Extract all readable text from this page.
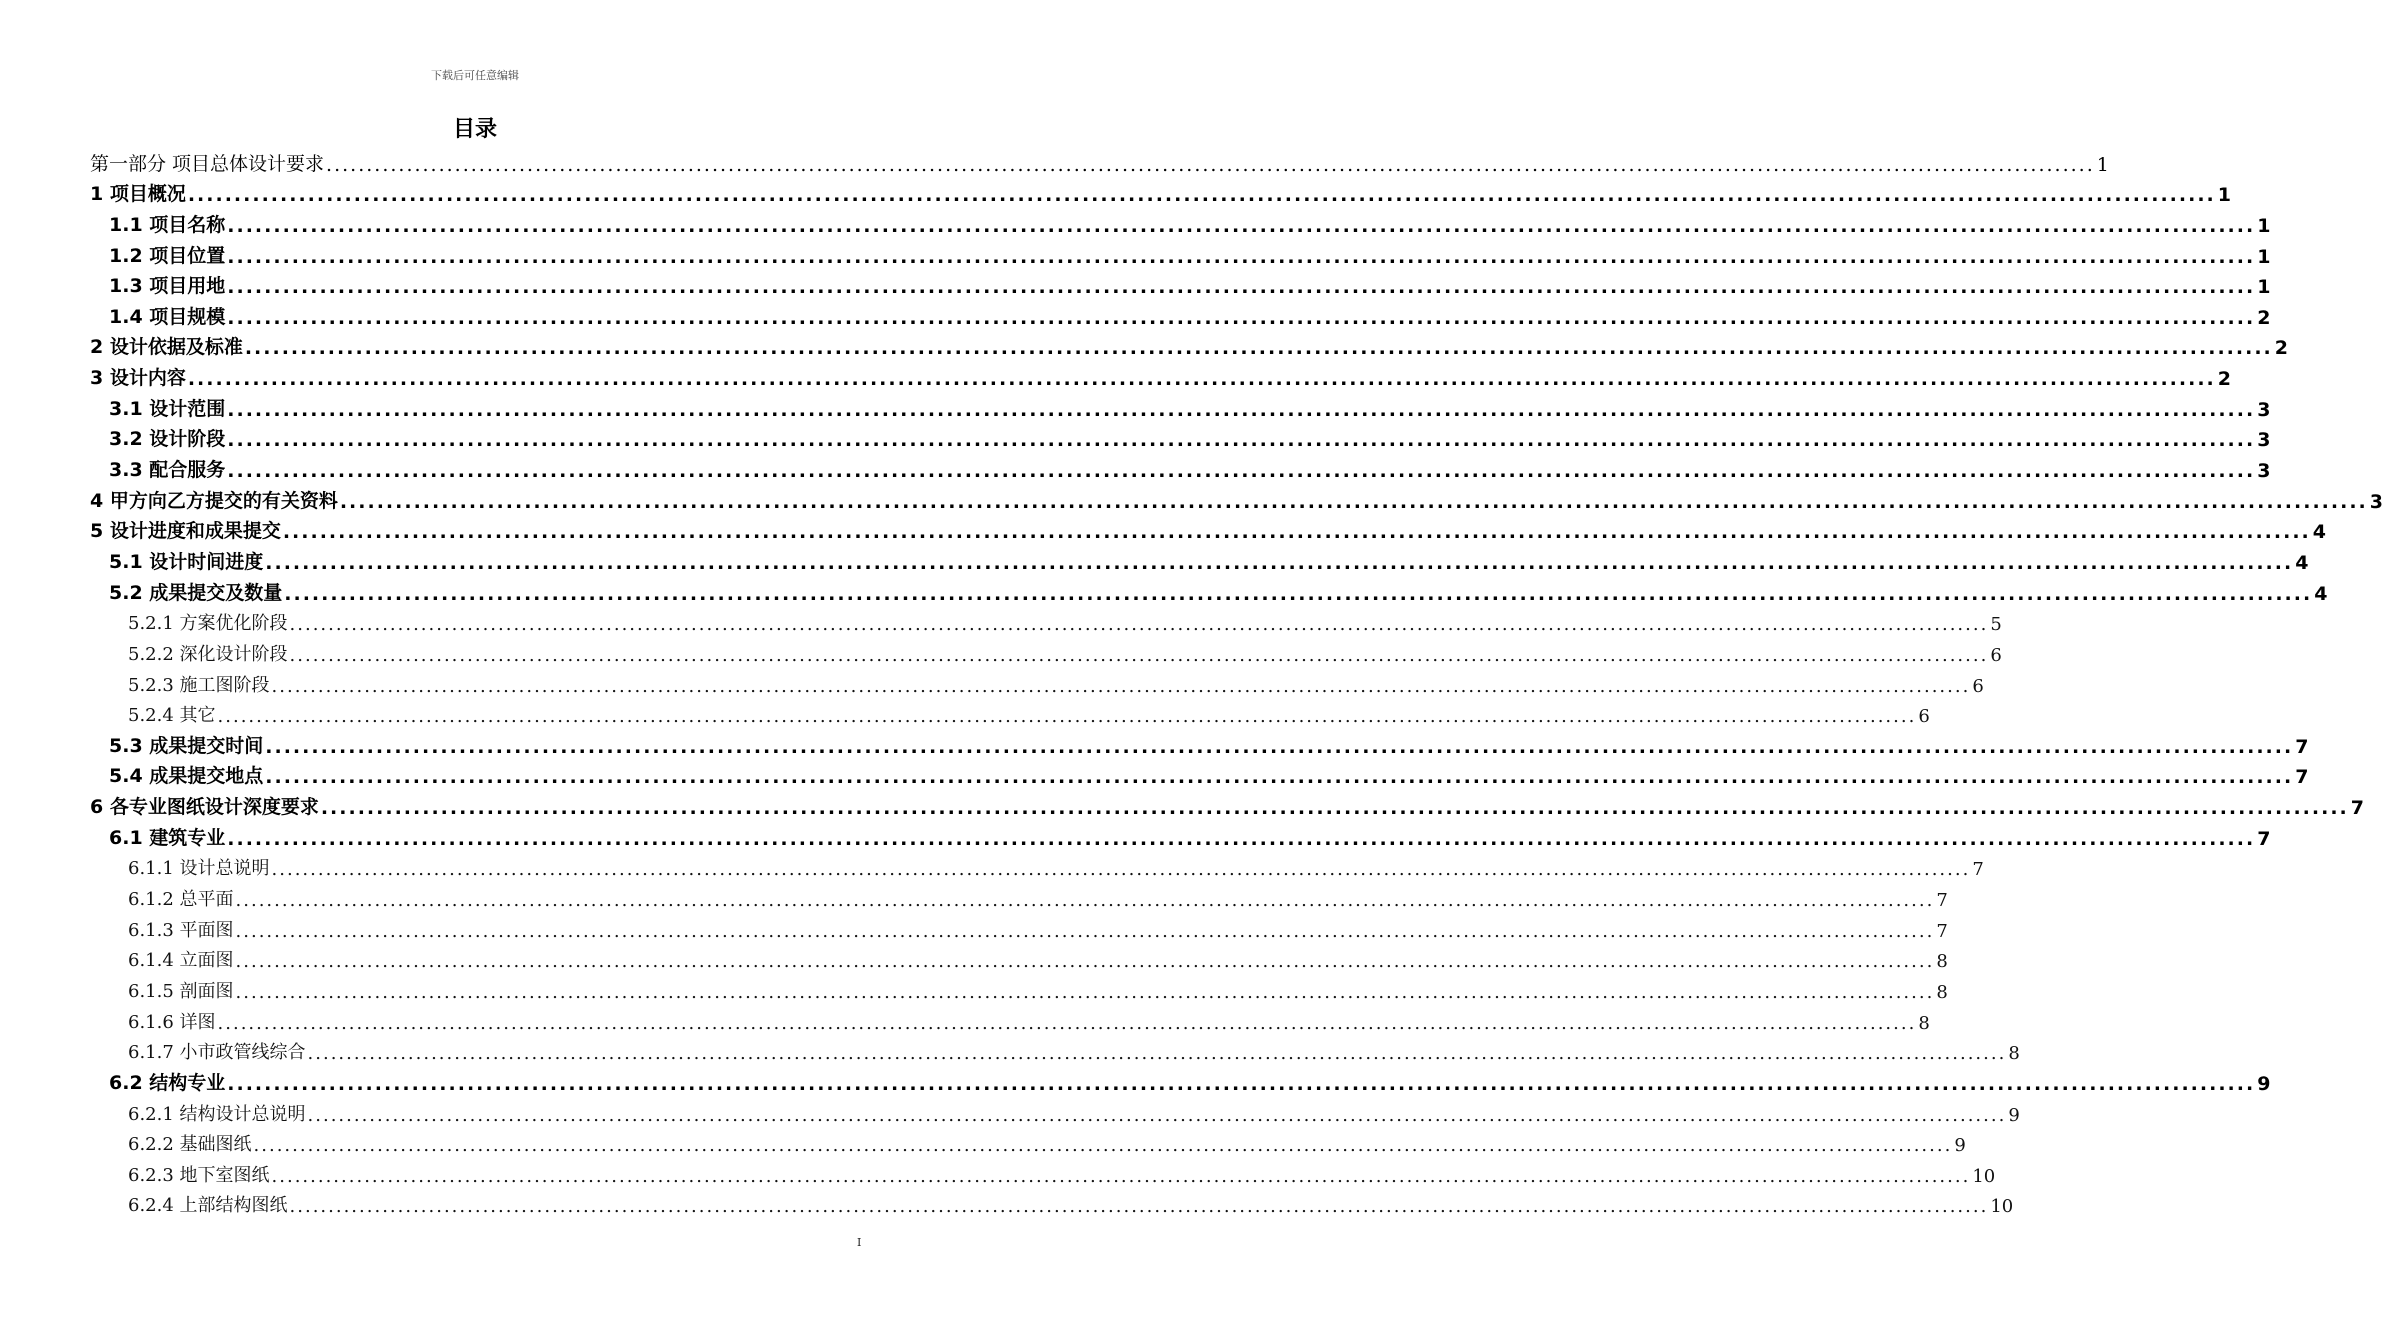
下载后可任意编辑
目录
第一部分 项目总体设计要求 ............................................................................................................................................................................................................................ 1
1 项目概况 ............................................................................................................................................................................................................................ 1
1.1 项目名称 ............................................................................................................................................................................................................................ 1
1.2 项目位置 ............................................................................................................................................................................................................................ 1
1.3 项目用地 ............................................................................................................................................................................................................................ 1
1.4 项目规模 ............................................................................................................................................................................................................................ 2
2 设计依据及标准 ............................................................................................................................................................................................................................ 2
3 设计内容 ............................................................................................................................................................................................................................ 2
3.1 设计范围 ............................................................................................................................................................................................................................ 3
3.2 设计阶段 ............................................................................................................................................................................................................................ 3
3.3 配合服务 ............................................................................................................................................................................................................................ 3
4 甲方向乙方提交的有关资料 ............................................................................................................................................................................................................................ 3
5 设计进度和成果提交 ............................................................................................................................................................................................................................ 4
5.1 设计时间进度 ............................................................................................................................................................................................................................ 4
5.2 成果提交及数量 ............................................................................................................................................................................................................................ 4
5.2.1 方案优化阶段 ............................................................................................................................................................................................................................ 5
5.2.2 深化设计阶段 ............................................................................................................................................................................................................................ 6
5.2.3 施工图阶段 ............................................................................................................................................................................................................................ 6
5.2.4 其它 ............................................................................................................................................................................................................................ 6
5.3 成果提交时间 ............................................................................................................................................................................................................................ 7
5.4 成果提交地点 ............................................................................................................................................................................................................................ 7
6 各专业图纸设计深度要求 ............................................................................................................................................................................................................................ 7
6.1 建筑专业 ............................................................................................................................................................................................................................ 7
6.1.1 设计总说明 ............................................................................................................................................................................................................................ 7
6.1.2 总平面 ............................................................................................................................................................................................................................ 7
6.1.3 平面图 ............................................................................................................................................................................................................................ 7
6.1.4 立面图 ............................................................................................................................................................................................................................ 8
6.1.5 剖面图 ............................................................................................................................................................................................................................ 8
6.1.6 详图 ............................................................................................................................................................................................................................ 8
6.1.7 小市政管线综合 ............................................................................................................................................................................................................................ 8
6.2 结构专业 ............................................................................................................................................................................................................................ 9
6.2.1 结构设计总说明 ............................................................................................................................................................................................................................ 9
6.2.2 基础图纸 ............................................................................................................................................................................................................................ 9
6.2.3 地下室图纸 ............................................................................................................................................................................................................................ 10
6.2.4 上部结构图纸 ............................................................................................................................................................................................................................ 10
I
